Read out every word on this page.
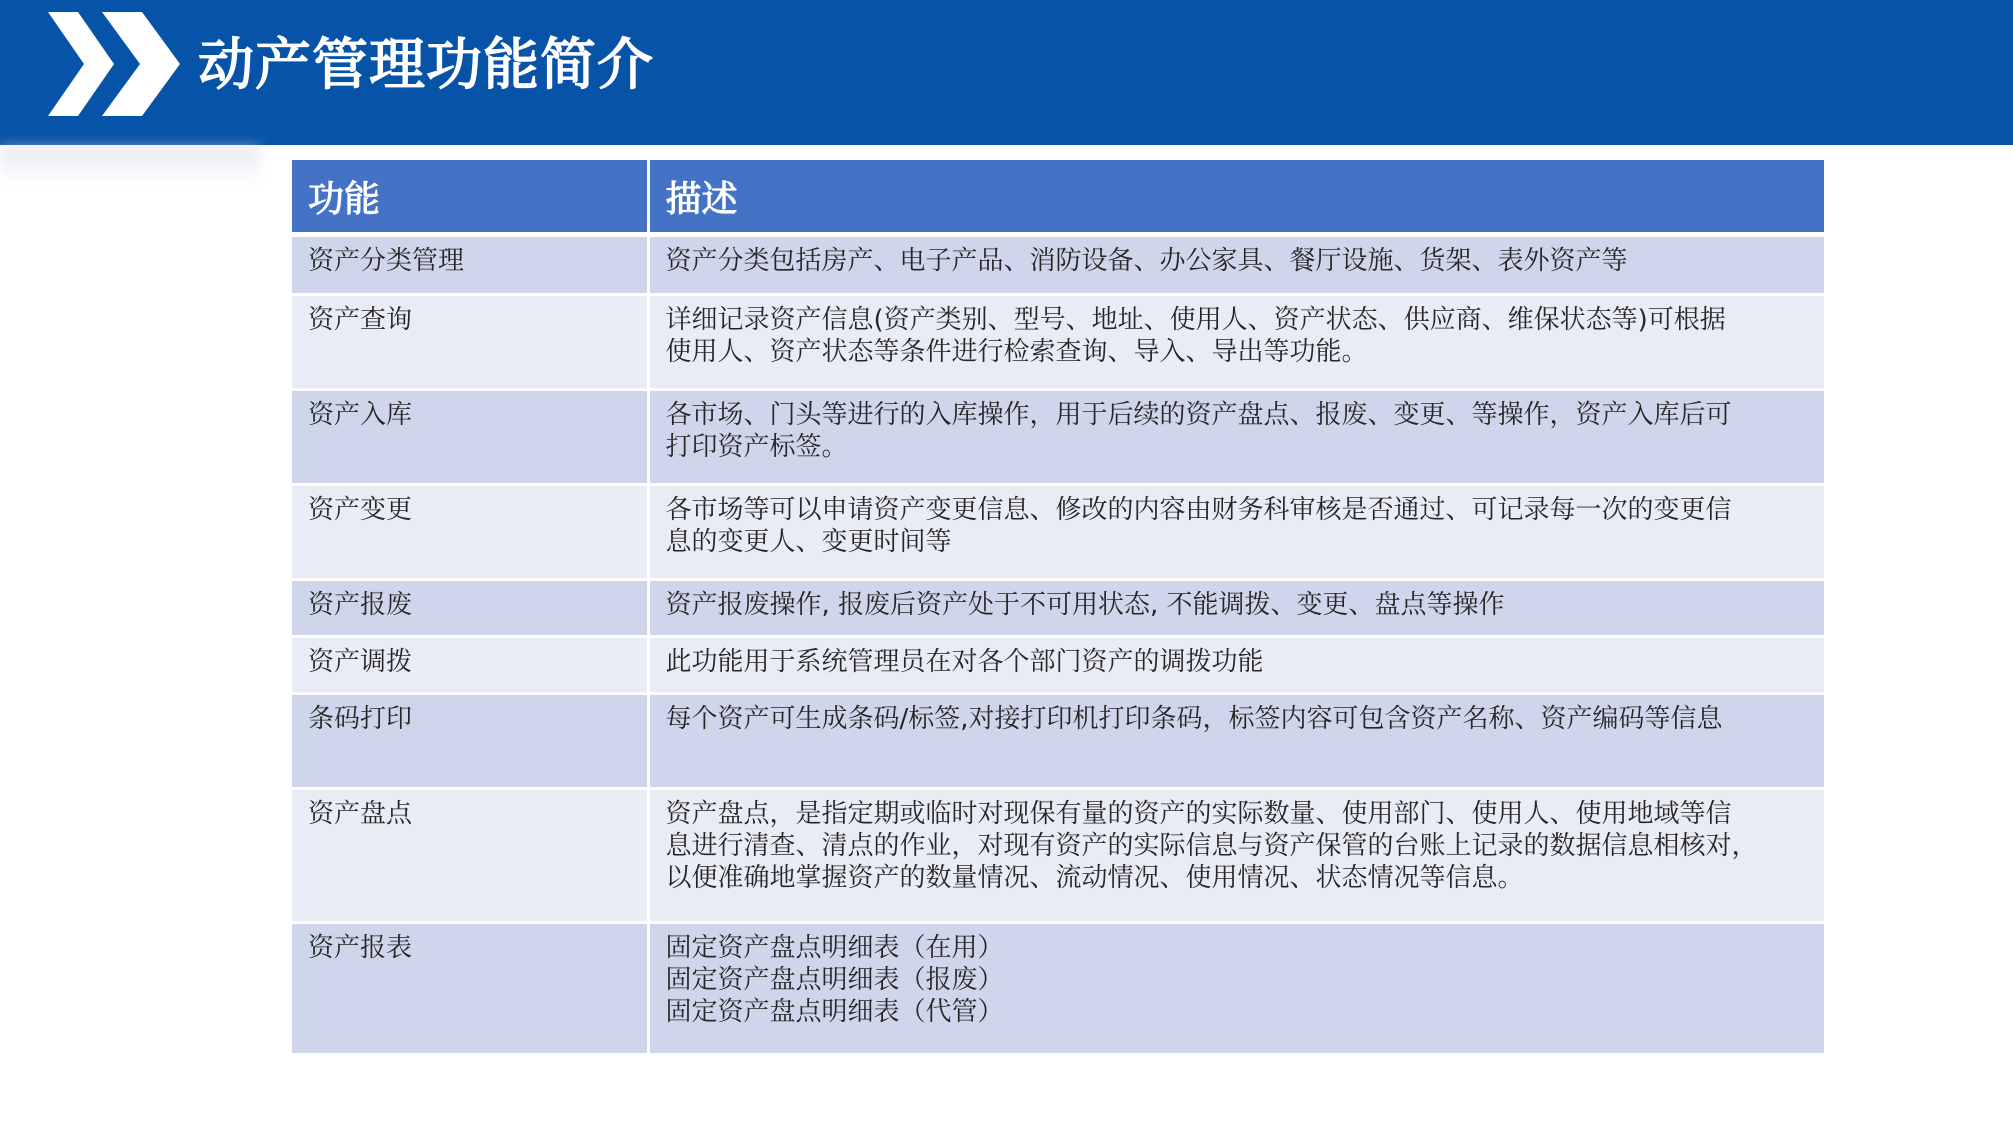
动产管理功能简介
功能	描述
资产分类管理	资产分类包括房产、电子产品、消防设备、办公家具、餐厅设施、货架、表外资产等

资产查询	详细记录资产信息(资产类别、型号、地址、使用人、资产状态、供应商、维保状态等)可根据
使用人、资产状态等条件进行检索查询、导入、导出等功能。

资产入库	各市场、门头等进行的入库操作，用于后续的资产盘点、报废、变更、等操作，资产入库后可
打印资产标签。

资产变更	各市场等可以申请资产变更信息、修改的内容由财务科审核是否通过、可记录每一次的变更信
息的变更人、变更时间等

资产报废	资产报废操作, 报废后资产处于不可用状态, 不能调拨、变更、盘点等操作

资产调拨	此功能用于系统管理员在对各个部门资产的调拨功能

条码打印	每个资产可生成条码/标签,对接打印机打印条码，标签内容可包含资产名称、资产编码等信息

资产盘点	资产盘点，是指定期或临时对现保有量的资产的实际数量、使用部门、使用人、使用地域等信
息进行清查、清点的作业，对现有资产的实际信息与资产保管的台账上记录的数据信息相核对，
以便准确地掌握资产的数量情况、流动情况、使用情况、状态情况等信息。

资产报表	固定资产盘点明细表（在用）
固定资产盘点明细表（报废）
固定资产盘点明细表（代管）
